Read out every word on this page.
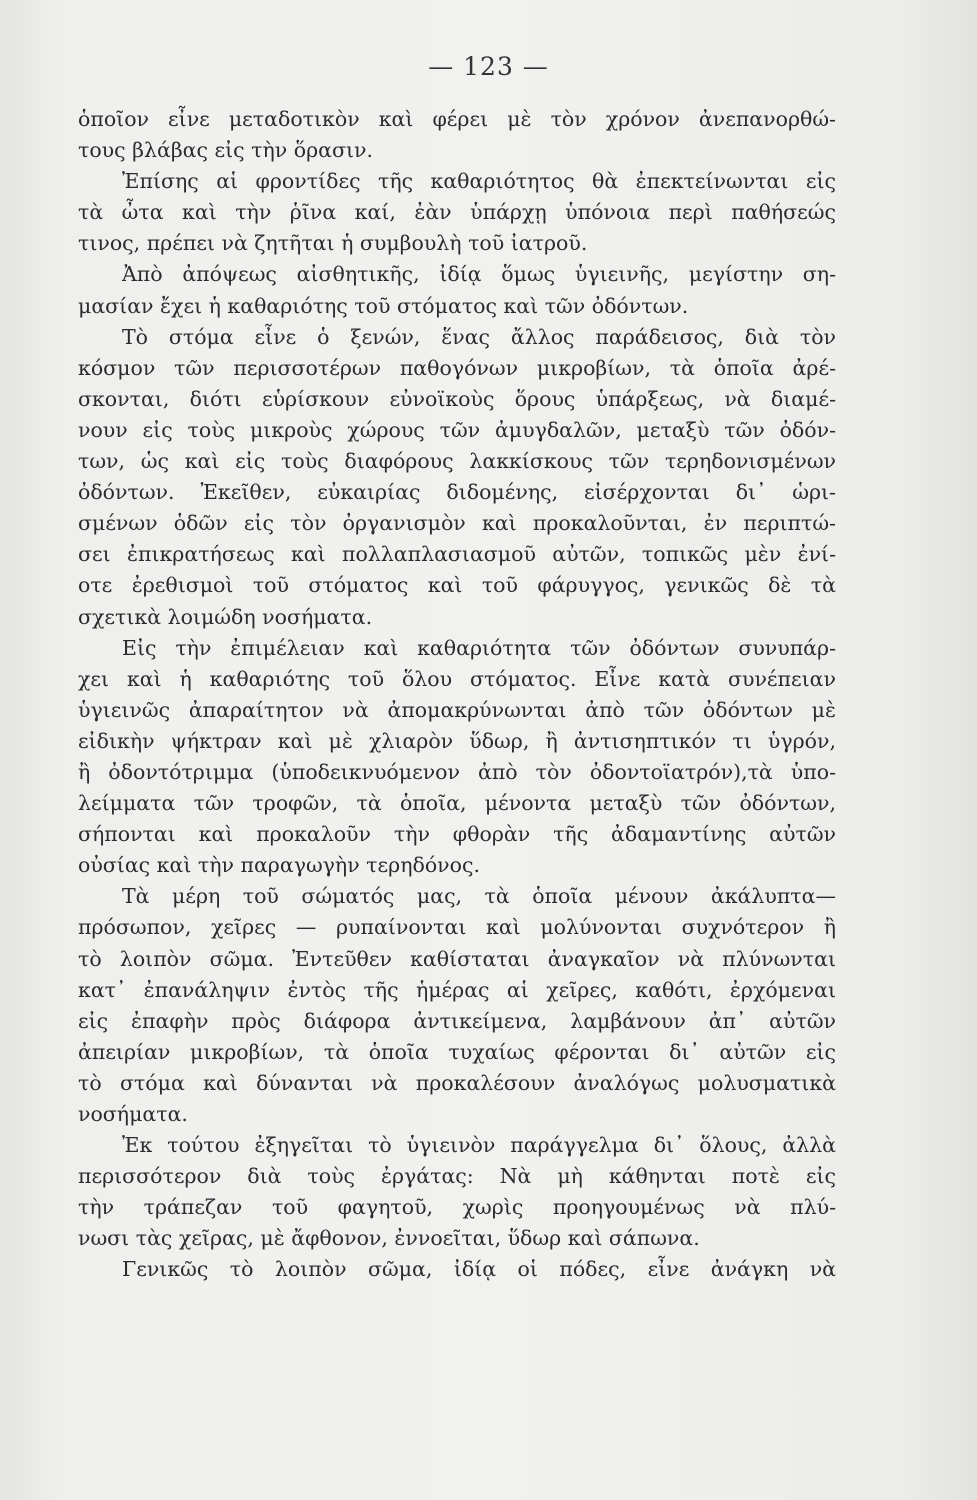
— 123 —
ὁποῖον εἶνε μεταδοτικὸν καὶ φέρει μὲ τὸν χρόνον ἀνεπανορθώ-
τους βλάβας εἰς τὴν ὅρασιν.
Ἐπίσης αἱ φροντίδες τῆς καθαριότητος θὰ ἐπεκτείνωνται εἰς
τὰ ὦτα καὶ τὴν ῥῖνα καί, ἐὰν ὑπάρχῃ ὑπόνοια περὶ παθήσεώς
τινος, πρέπει νὰ ζητῆται ἡ συμβουλὴ τοῦ ἰατροῦ.
Ἀπὸ ἀπόψεως αἰσθητικῆς, ἰδίᾳ ὅμως ὑγιεινῆς, μεγίστην ση-
μασίαν ἔχει ἡ καθαριότης τοῦ στόματος καὶ τῶν ὀδόντων.
Τὸ στόμα εἶνε ὁ ξενών, ἕνας ἄλλος παράδεισος, διὰ τὸν
κόσμον τῶν περισσοτέρων παθογόνων μικροβίων, τὰ ὁποῖα ἀρέ-
σκονται, διότι εὑρίσκουν εὐνοϊκοὺς ὅρους ὑπάρξεως, νὰ διαμέ-
νουν εἰς τοὺς μικροὺς χώρους τῶν ἀμυγδαλῶν, μεταξὺ τῶν ὀδόν-
των, ὡς καὶ εἰς τοὺς διαφόρους λακκίσκους τῶν τερηδονισμένων
ὀδόντων. Ἐκεῖθεν, εὐκαιρίας διδομένης, εἰσέρχονται δι᾽ ὡρι-
σμένων ὁδῶν εἰς τὸν ὀργανισμὸν καὶ προκαλοῦνται, ἐν περιπτώ-
σει ἐπικρατήσεως καὶ πολλαπλασιασμοῦ αὐτῶν, τοπικῶς μὲν ἐνί-
οτε ἐρεθισμοὶ τοῦ στόματος καὶ τοῦ φάρυγγος, γενικῶς δὲ τὰ
σχετικὰ λοιμώδη νοσήματα.
Εἰς τὴν ἐπιμέλειαν καὶ καθαριότητα τῶν ὀδόντων συνυπάρ-
χει καὶ ἡ καθαριότης τοῦ ὅλου στόματος. Εἶνε κατὰ συνέπειαν
ὑγιεινῶς ἀπαραίτητον νὰ ἀπομακρύνωνται ἀπὸ τῶν ὀδόντων μὲ
εἰδικὴν ψήκτραν καὶ μὲ χλιαρὸν ὕδωρ, ἢ ἀντισηπτικόν τι ὑγρόν,
ἢ ὀδοντότριμμα (ὑποδεικνυόμενον ἀπὸ τὸν ὀδοντοϊατρόν),τὰ ὑπο-
λείμματα τῶν τροφῶν, τὰ ὁποῖα, μένοντα μεταξὺ τῶν ὀδόντων,
σήπονται καὶ προκαλοῦν τὴν φθορὰν τῆς ἀδαμαντίνης αὐτῶν
οὐσίας καὶ τὴν παραγωγὴν τερηδόνος.
Τὰ μέρη τοῦ σώματός μας, τὰ ὁποῖα μένουν ἀκάλυπτα—
πρόσωπον, χεῖρες — ρυπαίνονται καὶ μολύνονται συχνότερον ἢ
τὸ λοιπὸν σῶμα. Ἐντεῦθεν καθίσταται ἀναγκαῖον νὰ πλύνωνται
κατ᾽ ἐπανάληψιν ἐντὸς τῆς ἡμέρας αἱ χεῖρες, καθότι, ἐρχόμεναι
εἰς ἐπαφὴν πρὸς διάφορα ἀντικείμενα, λαμβάνουν ἀπ᾽ αὐτῶν
ἀπειρίαν μικροβίων, τὰ ὁποῖα τυχαίως φέρονται δι᾽ αὐτῶν εἰς
τὸ στόμα καὶ δύνανται νὰ προκαλέσουν ἀναλόγως μολυσματικὰ
νοσήματα.
Ἐκ τούτου ἐξηγεῖται τὸ ὑγιεινὸν παράγγελμα δι᾽ ὅλους, ἀλλὰ
περισσότερον διὰ τοὺς ἐργάτας: Νὰ μὴ κάθηνται ποτὲ εἰς
τὴν τράπεζαν τοῦ φαγητοῦ, χωρὶς προηγουμένως νὰ πλύ-
νωσι τὰς χεῖρας, μὲ ἄφθονον, ἐννοεῖται, ὕδωρ καὶ σάπωνα.
Γενικῶς τὸ λοιπὸν σῶμα, ἰδίᾳ οἱ πόδες, εἶνε ἀνάγκη νὰ
